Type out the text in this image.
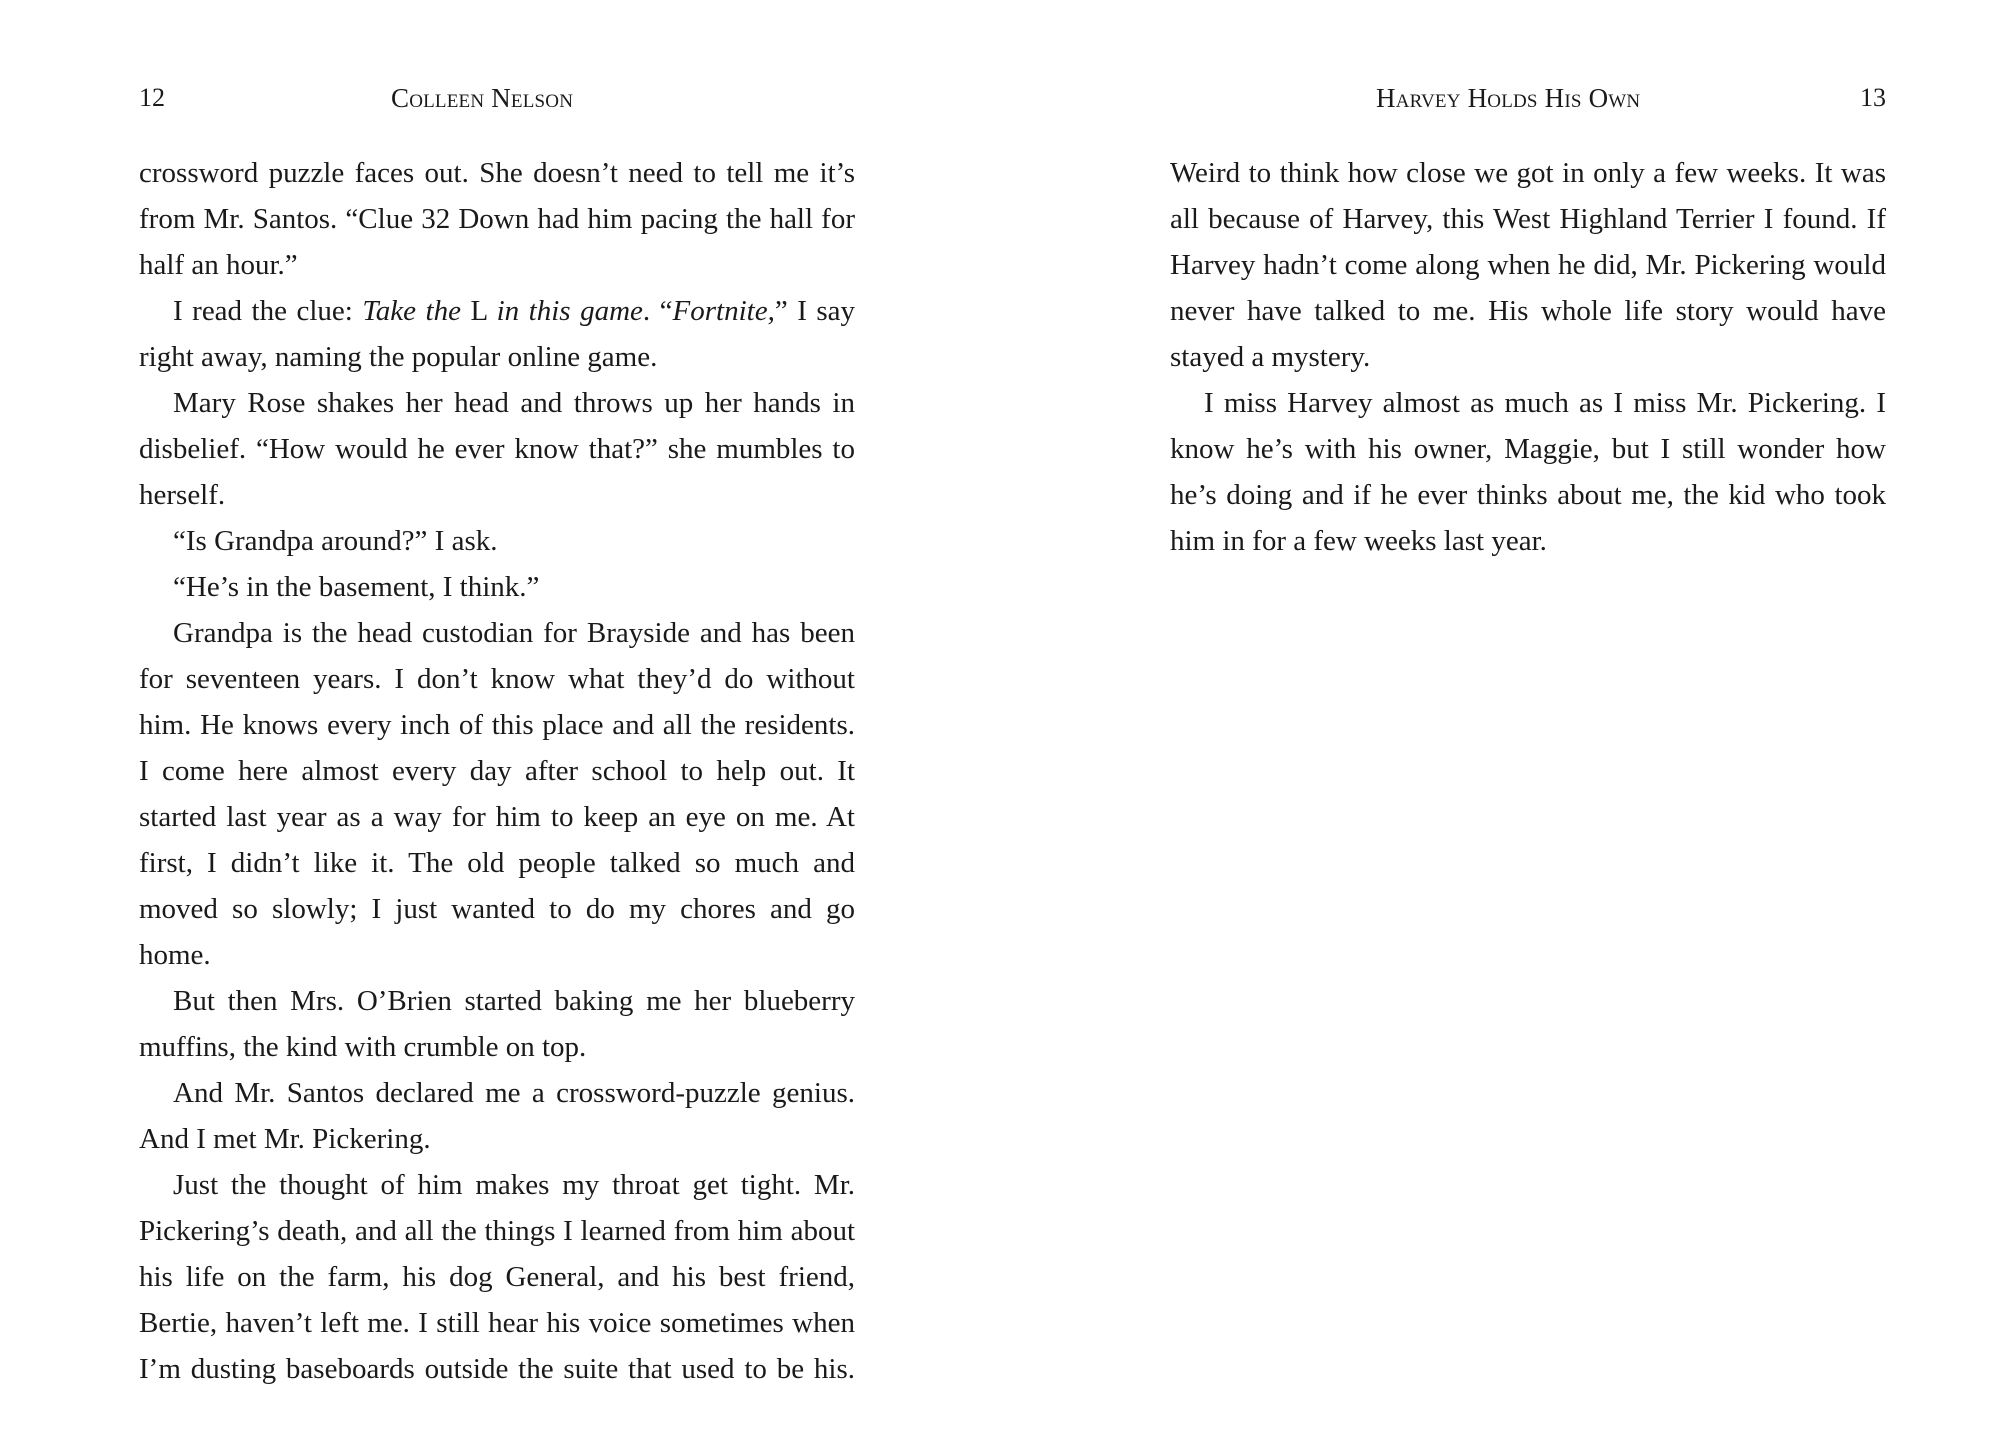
12	Colleen Nelson

crossword puzzle faces out. She doesn’t need to tell me it’s from Mr. Santos. “Clue 32 Down had him pacing the hall for half an hour.”

I read the clue: Take the L in this game. “Fortnite,” I say right away, naming the popular online game.

Mary Rose shakes her head and throws up her hands in disbelief. “How would he ever know that?” she mumbles to herself.

“Is Grandpa around?” I ask.

“He’s in the basement, I think.”

Grandpa is the head custodian for Brayside and has been for seventeen years. I don’t know what they’d do without him. He knows every inch of this place and all the residents. I come here almost every day after school to help out. It started last year as a way for him to keep an eye on me. At first, I didn’t like it. The old people talked so much and moved so slowly; I just wanted to do my chores and go home.

But then Mrs. O’Brien started baking me her blueberry muffins, the kind with crumble on top.

And Mr. Santos declared me a crossword-puzzle genius. And I met Mr. Pickering.

Just the thought of him makes my throat get tight. Mr. Pickering’s death, and all the things I learned from him about his life on the farm, his dog General, and his best friend, Bertie, haven’t left me. I still hear his voice sometimes when I’m dusting baseboards outside the suite that used to be his.

Harvey Holds His Own	13

Weird to think how close we got in only a few weeks. It was all because of Harvey, this West Highland Terrier I found. If Harvey hadn’t come along when he did, Mr. Pickering would never have talked to me. His whole life story would have stayed a mystery.

I miss Harvey almost as much as I miss Mr. Pickering. I know he’s with his owner, Maggie, but I still wonder how he’s doing and if he ever thinks about me, the kid who took him in for a few weeks last year.
